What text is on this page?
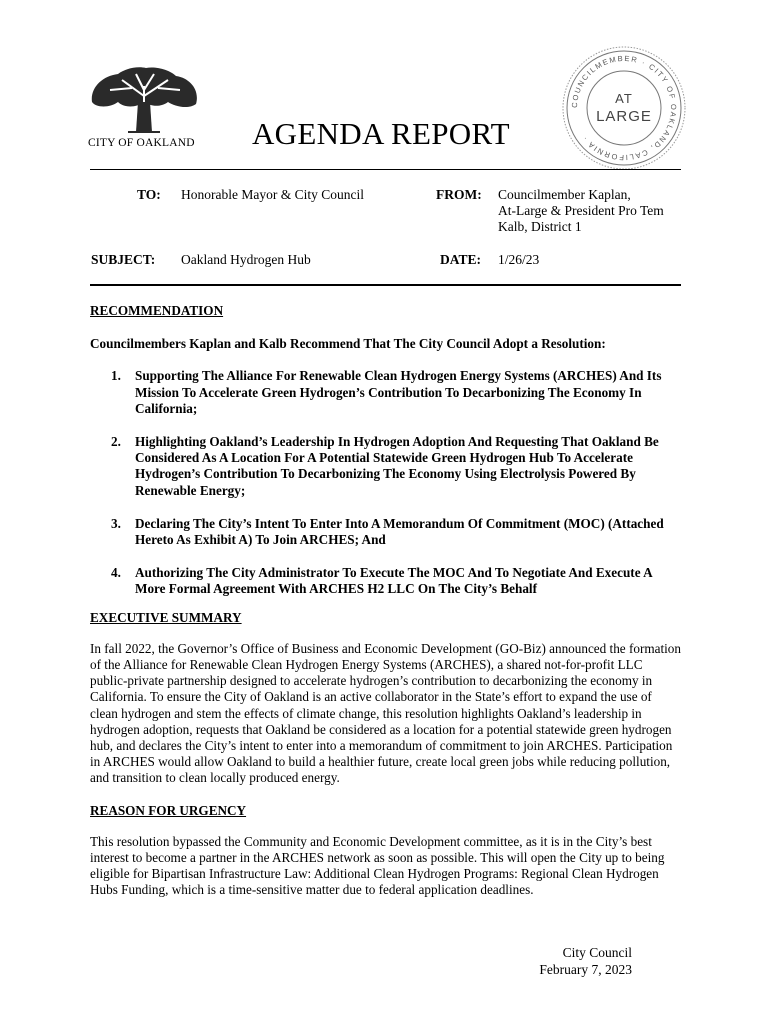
CITY OF OAKLAND AGENDA REPORT
COUNCILMEMBER · CITY OF OAKLAND, CALIFORNIA ·
AT
LARGE
TO: Honorable Mayor & City Council	FROM: Councilmember Kaplan,
At-Large & President Pro Tem
Kalb, District 1
SUBJECT: Oakland Hydrogen Hub	DATE: 1/26/23

RECOMMENDATION

Councilmembers Kaplan and Kalb Recommend That The City Council Adopt a Resolution:

1. Supporting The Alliance For Renewable Clean Hydrogen Energy Systems (ARCHES) And Its Mission To Accelerate Green Hydrogen’s Contribution To Decarbonizing The Economy In California;
2. Highlighting Oakland’s Leadership In Hydrogen Adoption And Requesting That Oakland Be Considered As A Location For A Potential Statewide Green Hydrogen Hub To Accelerate Hydrogen’s Contribution To Decarbonizing The Economy Using Electrolysis Powered By Renewable Energy;
3. Declaring The City’s Intent To Enter Into A Memorandum Of Commitment (MOC) (Attached Hereto As Exhibit A) To Join ARCHES; And
4. Authorizing The City Administrator To Execute The MOC And To Negotiate And Execute A More Formal Agreement With ARCHES H2 LLC On The City’s Behalf

EXECUTIVE SUMMARY

In fall 2022, the Governor’s Office of Business and Economic Development (GO-Biz) announced the formation of the Alliance for Renewable Clean Hydrogen Energy Systems (ARCHES), a shared not-for-profit LLC public-private partnership designed to accelerate hydrogen’s contribution to decarbonizing the economy in California. To ensure the City of Oakland is an active collaborator in the State’s effort to expand the use of clean hydrogen and stem the effects of climate change, this resolution highlights Oakland’s leadership in hydrogen adoption, requests that Oakland be considered as a location for a potential statewide green hydrogen hub, and declares the City’s intent to enter into a memorandum of commitment to join ARCHES. Participation in ARCHES would allow Oakland to build a healthier future, create local green jobs while reducing pollution, and transition to clean locally produced energy.

REASON FOR URGENCY

This resolution bypassed the Community and Economic Development committee, as it is in the City’s best interest to become a partner in the ARCHES network as soon as possible. This will open the City up to being eligible for Bipartisan Infrastructure Law: Additional Clean Hydrogen Programs: Regional Clean Hydrogen Hubs Funding, which is a time-sensitive matter due to federal application deadlines.

City Council
February 7, 2023
